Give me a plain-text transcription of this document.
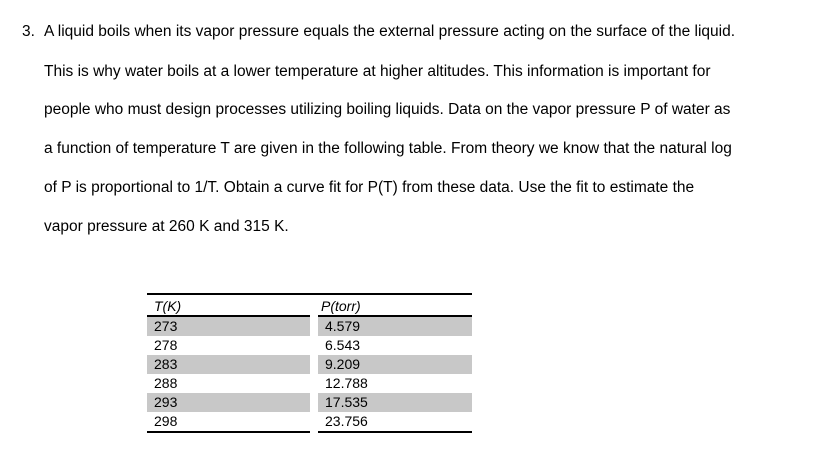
3. A liquid boils when its vapor pressure equals the external pressure acting on the surface of the liquid.
This is why water boils at a lower temperature at higher altitudes. This information is important for
people who must design processes utilizing boiling liquids. Data on the vapor pressure P of water as
a function of temperature T are given in the following table. From theory we know that the natural log
of P is proportional to 1/T. Obtain a curve fit for P(T) from these data. Use the fit to estimate the
vapor pressure at 260 K and 315 K.
T(K)	P(torr)
273	4.579
278	6.543
283	9.209
288	12.788
293	17.535
298	23.756
